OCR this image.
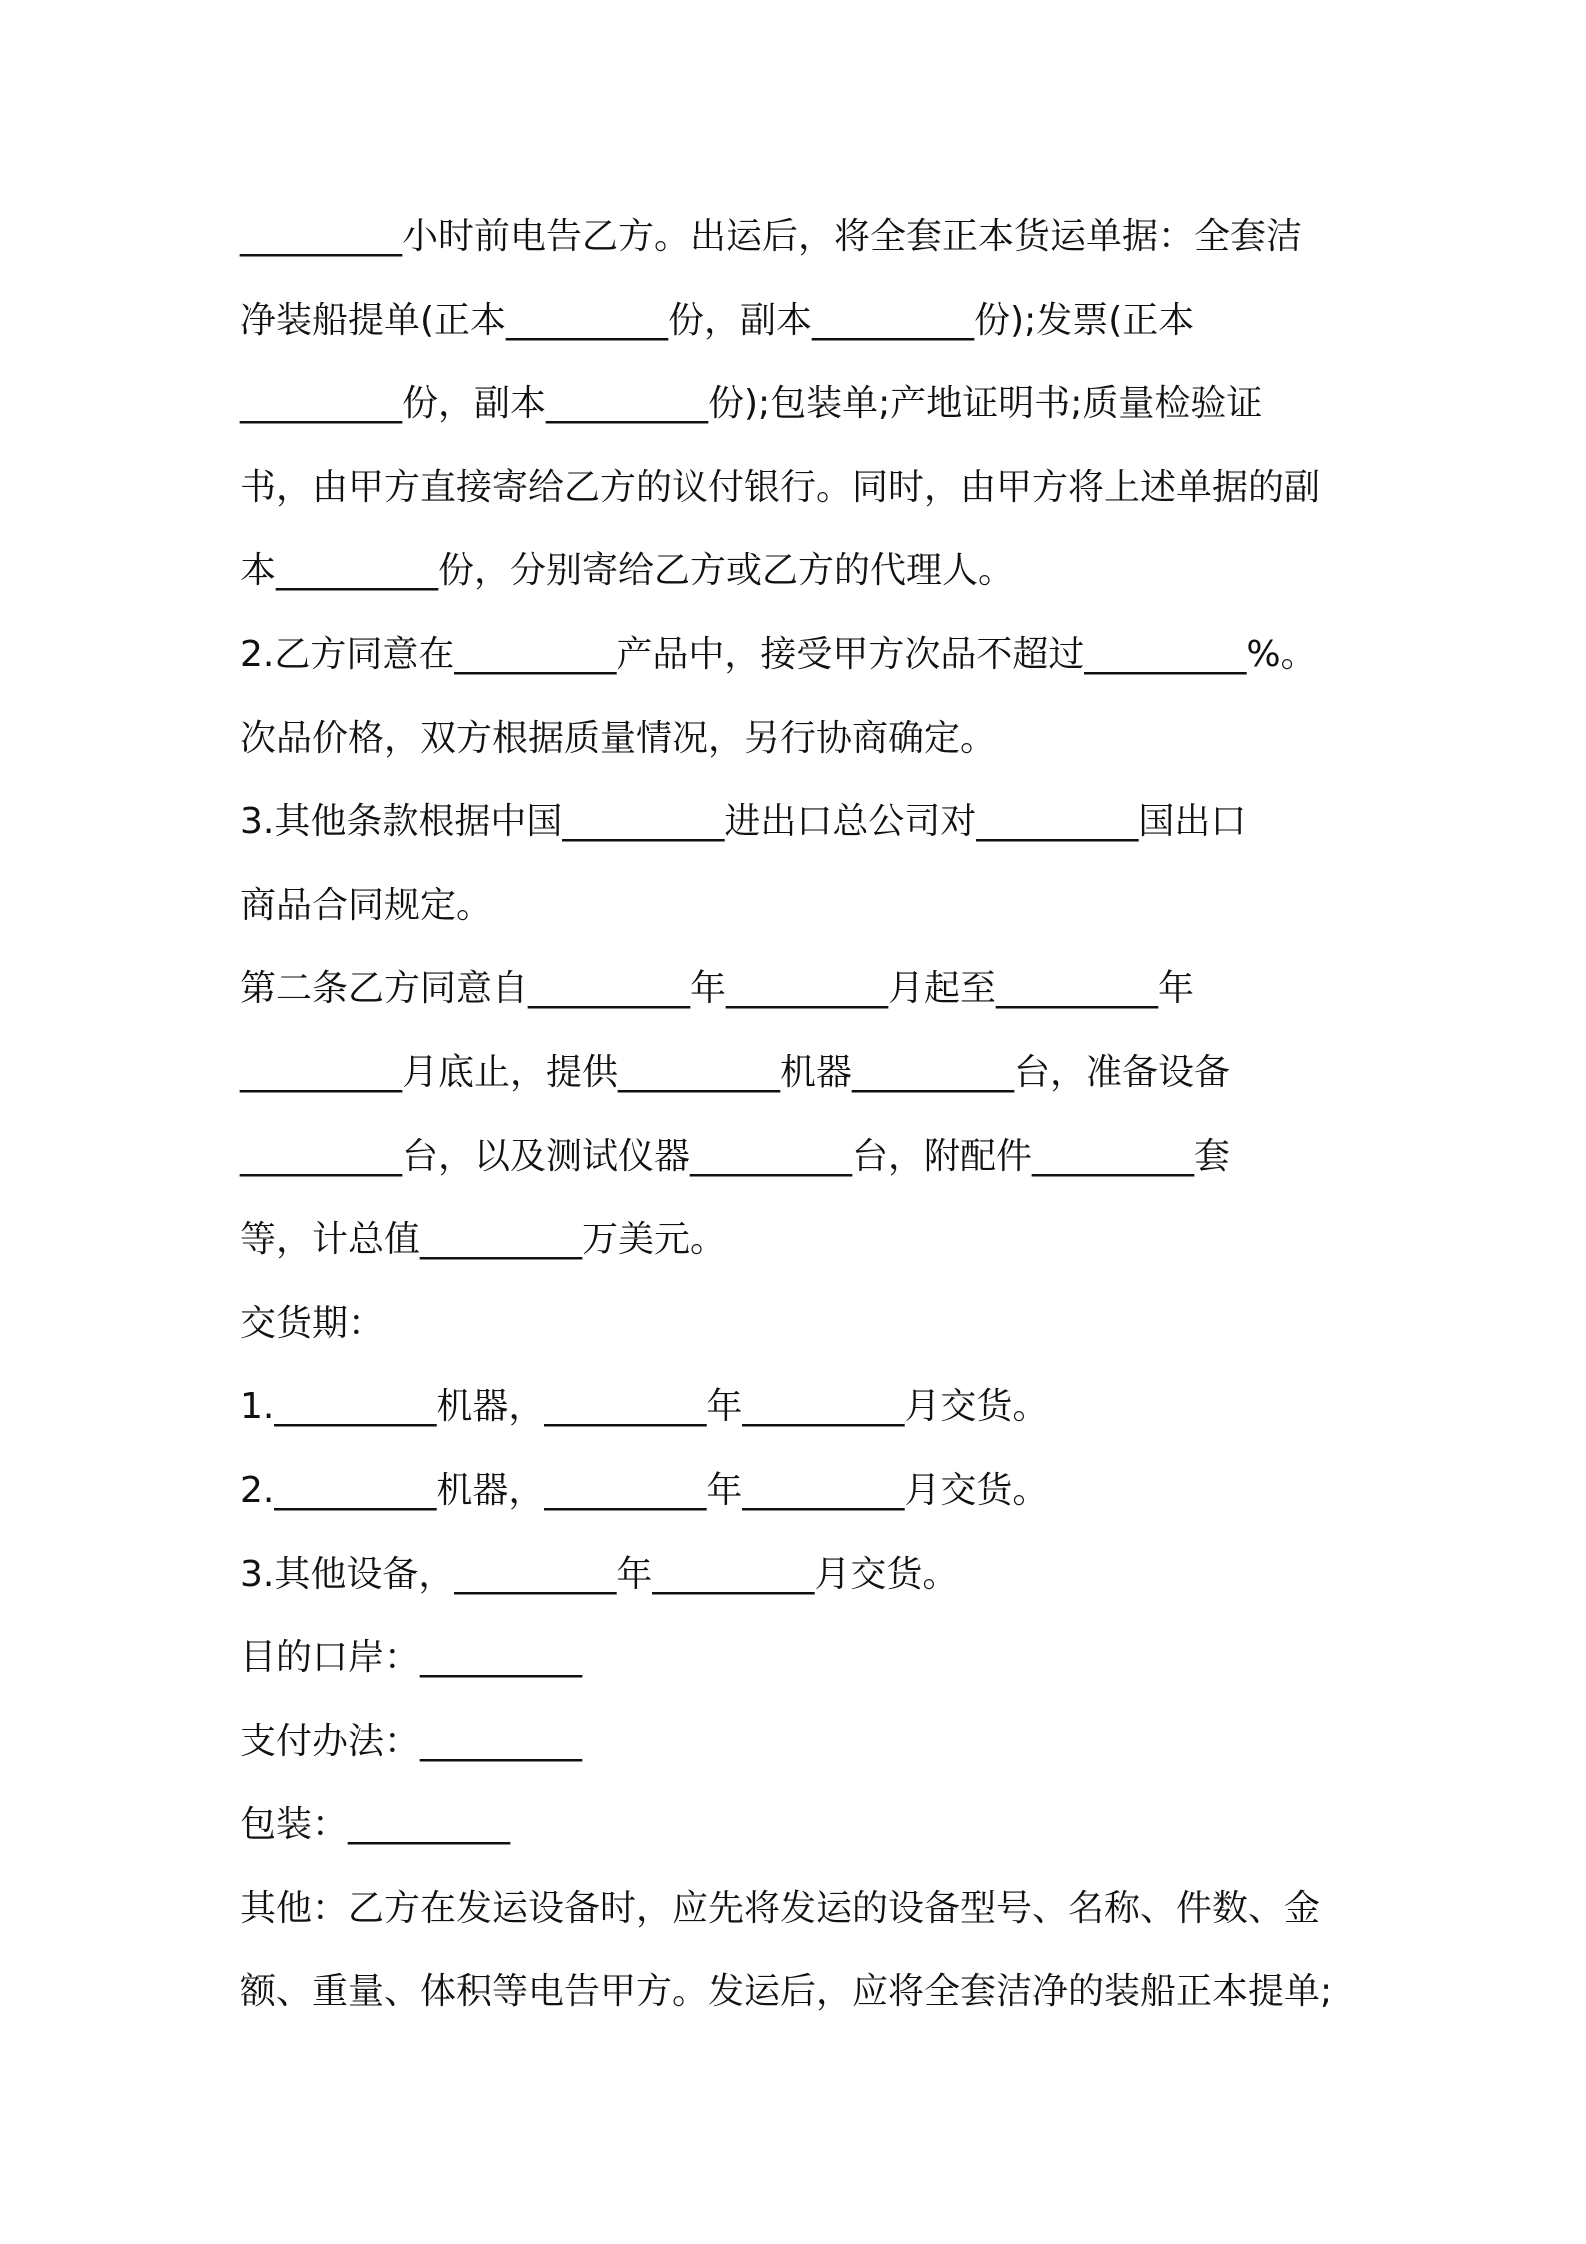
_________小时前电告乙方。出运后，将全套正本货运单据：全套洁
净装船提单(正本_________份，副本_________份);发票(正本
_________份，副本_________份);包装单;产地证明书;质量检验证
书，由甲方直接寄给乙方的议付银行。同时，由甲方将上述单据的副
本_________份，分别寄给乙方或乙方的代理人。
2.乙方同意在_________产品中，接受甲方次品不超过_________%。
次品价格，双方根据质量情况，另行协商确定。
3.其他条款根据中国_________进出口总公司对_________国出口
商品合同规定。
第二条乙方同意自_________年_________月起至_________年
_________月底止，提供_________机器_________台，准备设备
_________台，以及测试仪器_________台，附配件_________套
等，计总值_________万美元。
交货期：
1._________机器，_________年_________月交货。
2._________机器，_________年_________月交货。
3.其他设备，_________年_________月交货。
目的口岸：_________
支付办法：_________
包装：_________
其他：乙方在发运设备时，应先将发运的设备型号、名称、件数、金
额、重量、体积等电告甲方。发运后，应将全套洁净的装船正本提单;
